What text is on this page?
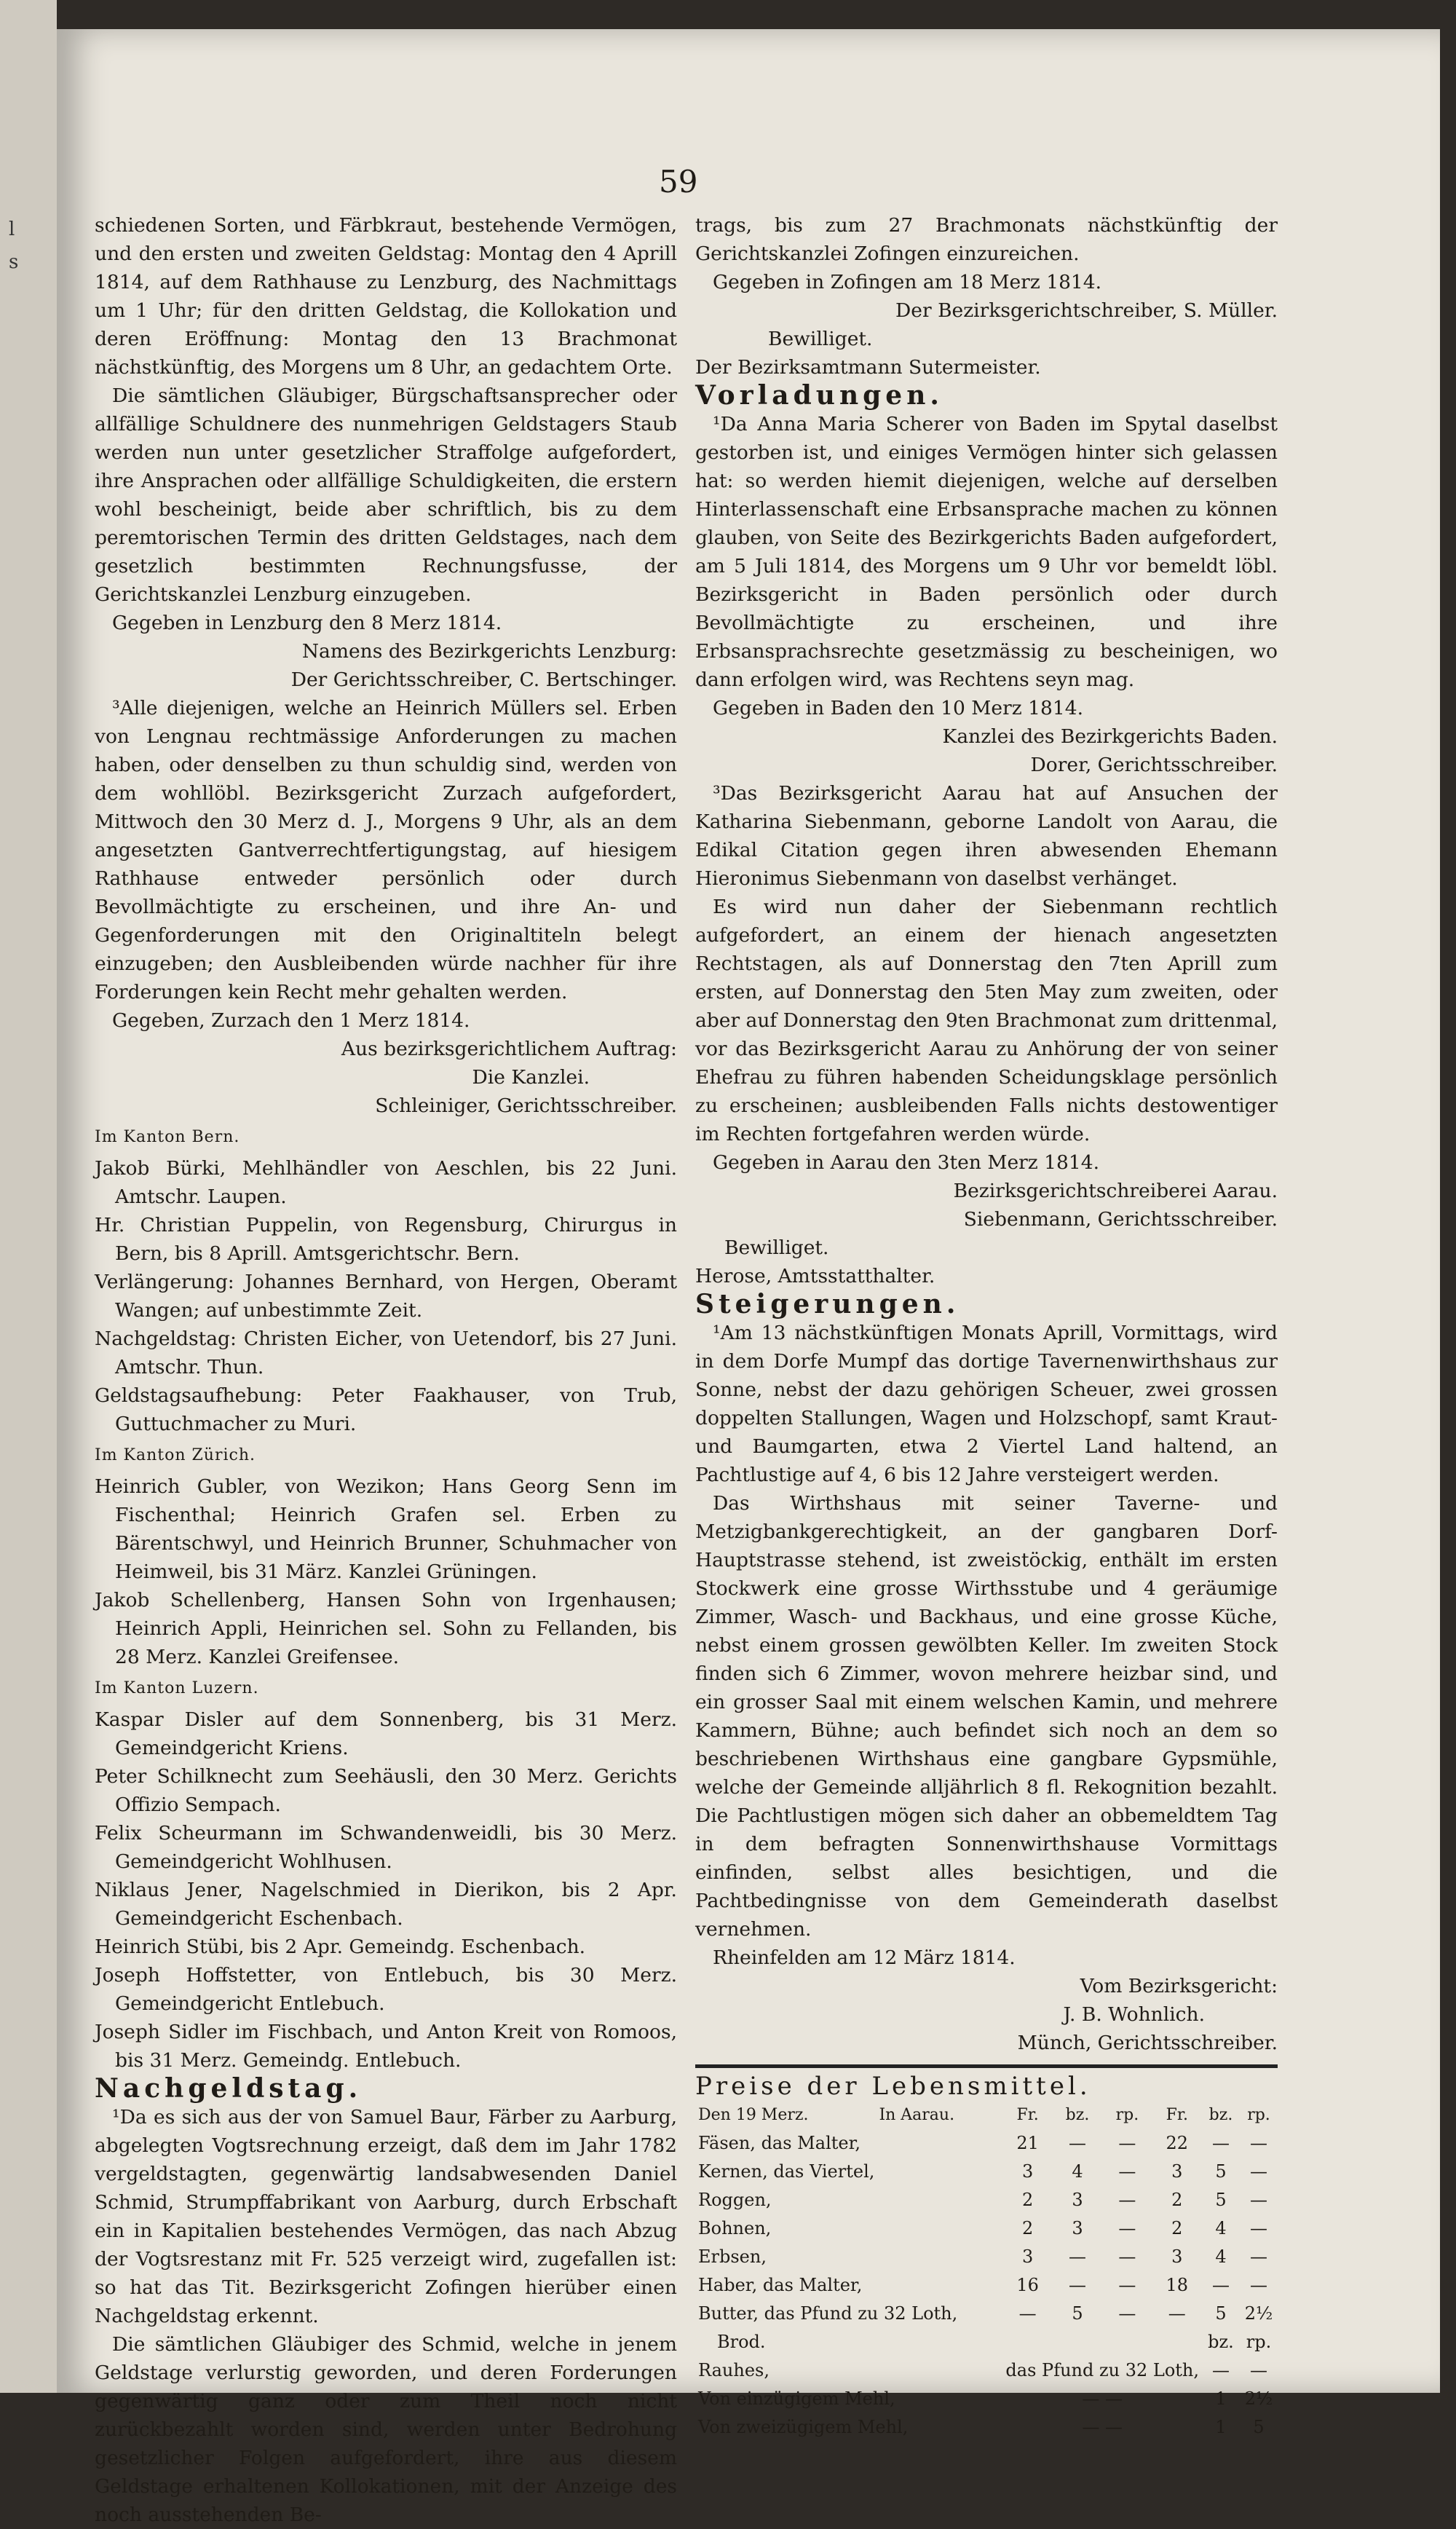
l
s
59

schiedenen Sorten, und Färbkraut, bestehende Vermögen, und den ersten und zweiten Geldstag: Montag den 4 Aprill 1814, auf dem Rathhause zu Lenzburg, des Nachmittags um 1 Uhr; für den dritten Geldstag, die Kollokation und deren Eröffnung: Montag den 13 Brachmonat nächstkünftig, des Morgens um 8 Uhr, an gedachtem Orte.

Die sämtlichen Gläubiger, Bürgschaftsansprecher oder allfällige Schuldnere des nunmehrigen Geldstagers Staub werden nun unter gesetzlicher Straffolge aufgefordert, ihre Ansprachen oder allfällige Schuldigkeiten, die erstern wohl bescheinigt, beide aber schriftlich, bis zu dem peremtorischen Termin des dritten Geldstages, nach dem gesetzlich bestimmten Rechnungsfusse, der Gerichtskanzlei Lenzburg einzugeben.

Gegeben in Lenzburg den 8 Merz 1814.

Namens des Bezirkgerichts Lenzburg:

Der Gerichtsschreiber, C. Bertschinger.

³Alle diejenigen, welche an Heinrich Müllers sel. Erben von Lengnau rechtmässige Anforderungen zu machen haben, oder denselben zu thun schuldig sind, werden von dem wohllöbl. Bezirksgericht Zurzach aufgefordert, Mittwoch den 30 Merz d. J., Morgens 9 Uhr, als an dem angesetzten Gantverrechtfertigungstag, auf hiesigem Rathhause entweder persönlich oder durch Bevollmächtigte zu erscheinen, und ihre An- und Gegenforderungen mit den Originaltiteln belegt einzugeben; den Ausbleibenden würde nachher für ihre Forderungen kein Recht mehr gehalten werden.

Gegeben, Zurzach den 1 Merz 1814.

Aus bezirksgerichtlichem Auftrag:

Die Kanzlei.

Schleiniger, Gerichtsschreiber.

Im Kanton Bern.

Jakob Bürki, Mehlhändler von Aeschlen, bis 22 Juni. Amtschr. Laupen.

Hr. Christian Puppelin, von Regensburg, Chirurgus in Bern, bis 8 Aprill. Amtsgerichtschr. Bern.

Verlängerung: Johannes Bernhard, von Hergen, Oberamt Wangen; auf unbestimmte Zeit.

Nachgeldstag: Christen Eicher, von Uetendorf, bis 27 Juni. Amtschr. Thun.

Geldstagsaufhebung: Peter Faakhauser, von Trub, Guttuchmacher zu Muri.

Im Kanton Zürich.

Heinrich Gubler, von Wezikon; Hans Georg Senn im Fischenthal; Heinrich Grafen sel. Erben zu Bärentschwyl, und Heinrich Brunner, Schuhmacher von Heimweil, bis 31 März. Kanzlei Grüningen.

Jakob Schellenberg, Hansen Sohn von Irgenhausen; Heinrich Appli, Heinrichen sel. Sohn zu Fellanden, bis 28 Merz. Kanzlei Greifensee.

Im Kanton Luzern.

Kaspar Disler auf dem Sonnenberg, bis 31 Merz. Gemeindgericht Kriens.

Peter Schilknecht zum Seehäusli, den 30 Merz. Gerichts Offizio Sempach.

Felix Scheurmann im Schwandenweidli, bis 30 Merz. Gemeindgericht Wohlhusen.

Niklaus Jener, Nagelschmied in Dierikon, bis 2 Apr. Gemeindgericht Eschenbach.

Heinrich Stübi, bis 2 Apr. Gemeindg. Eschenbach.

Joseph Hoffstetter, von Entlebuch, bis 30 Merz. Gemeindgericht Entlebuch.

Joseph Sidler im Fischbach, und Anton Kreit von Romoos, bis 31 Merz. Gemeindg. Entlebuch.

Nachgeldstag.

¹Da es sich aus der von Samuel Baur, Färber zu Aarburg, abgelegten Vogtsrechnung erzeigt, daß dem im Jahr 1782 vergeldstagten, gegenwärtig landsabwesenden Daniel Schmid, Strumpffabrikant von Aarburg, durch Erbschaft ein in Kapitalien bestehendes Vermögen, das nach Abzug der Vogtsrestanz mit Fr. 525 verzeigt wird, zugefallen ist: so hat das Tit. Bezirksgericht Zofingen hierüber einen Nachgeldstag erkennt.

Die sämtlichen Gläubiger des Schmid, welche in jenem Geldstage verlurstig geworden, und deren Forderungen gegenwärtig ganz oder zum Theil noch nicht zurückbezahlt worden sind, werden unter Bedrohung gesetzlicher Folgen aufgefordert, ihre aus diesem Geldstage erhaltenen Kollokationen, mit der Anzeige des noch ausstehenden Be-

trags, bis zum 27 Brachmonats nächstkünftig der Gerichtskanzlei Zofingen einzureichen.

Gegeben in Zofingen am 18 Merz 1814.

Der Bezirksgerichtschreiber, S. Müller.

Bewilliget.

Der Bezirksamtmann Sutermeister.

Vorladungen.

¹Da Anna Maria Scherer von Baden im Spytal daselbst gestorben ist, und einiges Vermögen hinter sich gelassen hat: so werden hiemit diejenigen, welche auf derselben Hinterlassenschaft eine Erbsansprache machen zu können glauben, von Seite des Bezirkgerichts Baden aufgefordert, am 5 Juli 1814, des Morgens um 9 Uhr vor bemeldt löbl. Bezirksgericht in Baden persönlich oder durch Bevollmächtigte zu erscheinen, und ihre Erbsansprachsrechte gesetzmässig zu bescheinigen, wo dann erfolgen wird, was Rechtens seyn mag.

Gegeben in Baden den 10 Merz 1814.

Kanzlei des Bezirkgerichts Baden.

Dorer, Gerichtsschreiber.

³Das Bezirksgericht Aarau hat auf Ansuchen der Katharina Siebenmann, geborne Landolt von Aarau, die Edikal Citation gegen ihren abwesenden Ehemann Hieronimus Siebenmann von daselbst verhänget.

Es wird nun daher der Siebenmann rechtlich aufgefordert, an einem der hienach angesetzten Rechtstagen, als auf Donnerstag den 7ten Aprill zum ersten, auf Donnerstag den 5ten May zum zweiten, oder aber auf Donnerstag den 9ten Brachmonat zum drittenmal, vor das Bezirksgericht Aarau zu Anhörung der von seiner Ehefrau zu führen habenden Scheidungsklage persönlich zu erscheinen; ausbleibenden Falls nichts destowentiger im Rechten fortgefahren werden würde.

Gegeben in Aarau den 3ten Merz 1814.

Bezirksgerichtschreiberei Aarau.

Siebenmann, Gerichtsschreiber.

Bewilliget.

Herose, Amtsstatthalter.

Steigerungen.

¹Am 13 nächstkünftigen Monats Aprill, Vormittags, wird in dem Dorfe Mumpf das dortige Tavernenwirthshaus zur Sonne, nebst der dazu gehörigen Scheuer, zwei grossen doppelten Stallungen, Wagen und Holzschopf, samt Kraut- und Baumgarten, etwa 2 Viertel Land haltend, an Pachtlustige auf 4, 6 bis 12 Jahre versteigert werden.

Das Wirthshaus mit seiner Taverne- und Metzigbankgerechtigkeit, an der gangbaren Dorf-Hauptstrasse stehend, ist zweistöckig, enthält im ersten Stockwerk eine grosse Wirthsstube und 4 geräumige Zimmer, Wasch- und Backhaus, und eine grosse Küche, nebst einem grossen gewölbten Keller. Im zweiten Stock finden sich 6 Zimmer, wovon mehrere heizbar sind, und ein grosser Saal mit einem welschen Kamin, und mehrere Kammern, Bühne; auch befindet sich noch an dem so beschriebenen Wirthshaus eine gangbare Gypsmühle, welche der Gemeinde alljährlich 8 fl. Rekognition bezahlt. Die Pachtlustigen mögen sich daher an obbemeldtem Tag in dem befragten Sonnenwirthshause Vormittags einfinden, selbst alles besichtigen, und die Pachtbedingnisse von dem Gemeinderath daselbst vernehmen.

Rheinfelden am 12 März 1814.

Vom Bezirksgericht:

J. B. Wohnlich.

Münch, Gerichtsschreiber.

Preise der Lebensmittel.

Den 19 Merz.	In Aarau.	Fr.	bz.	rp.	Fr.	bz.	rp.
Fäsen, das Malter,		21	—	—	22	—	—
Kernen, das Viertel,		3	4	—	3	5	—
Roggen,		2	3	—	2	5	—
Bohnen,		2	3	—	2	4	—
Erbsen,		3	—	—	3	4	—
Haber, das Malter,		16	—	—	18	—	—
Butter, das Pfund zu 32 Loth,		—	5	—	—	5	2½
Brod.						bz.	rp.
Rauhes,		das Pfund zu 32 Loth,				—	—
Von einzügigem Mehl,		— —				1	2½
Von zweizügigem Mehl,		— —				1	5
